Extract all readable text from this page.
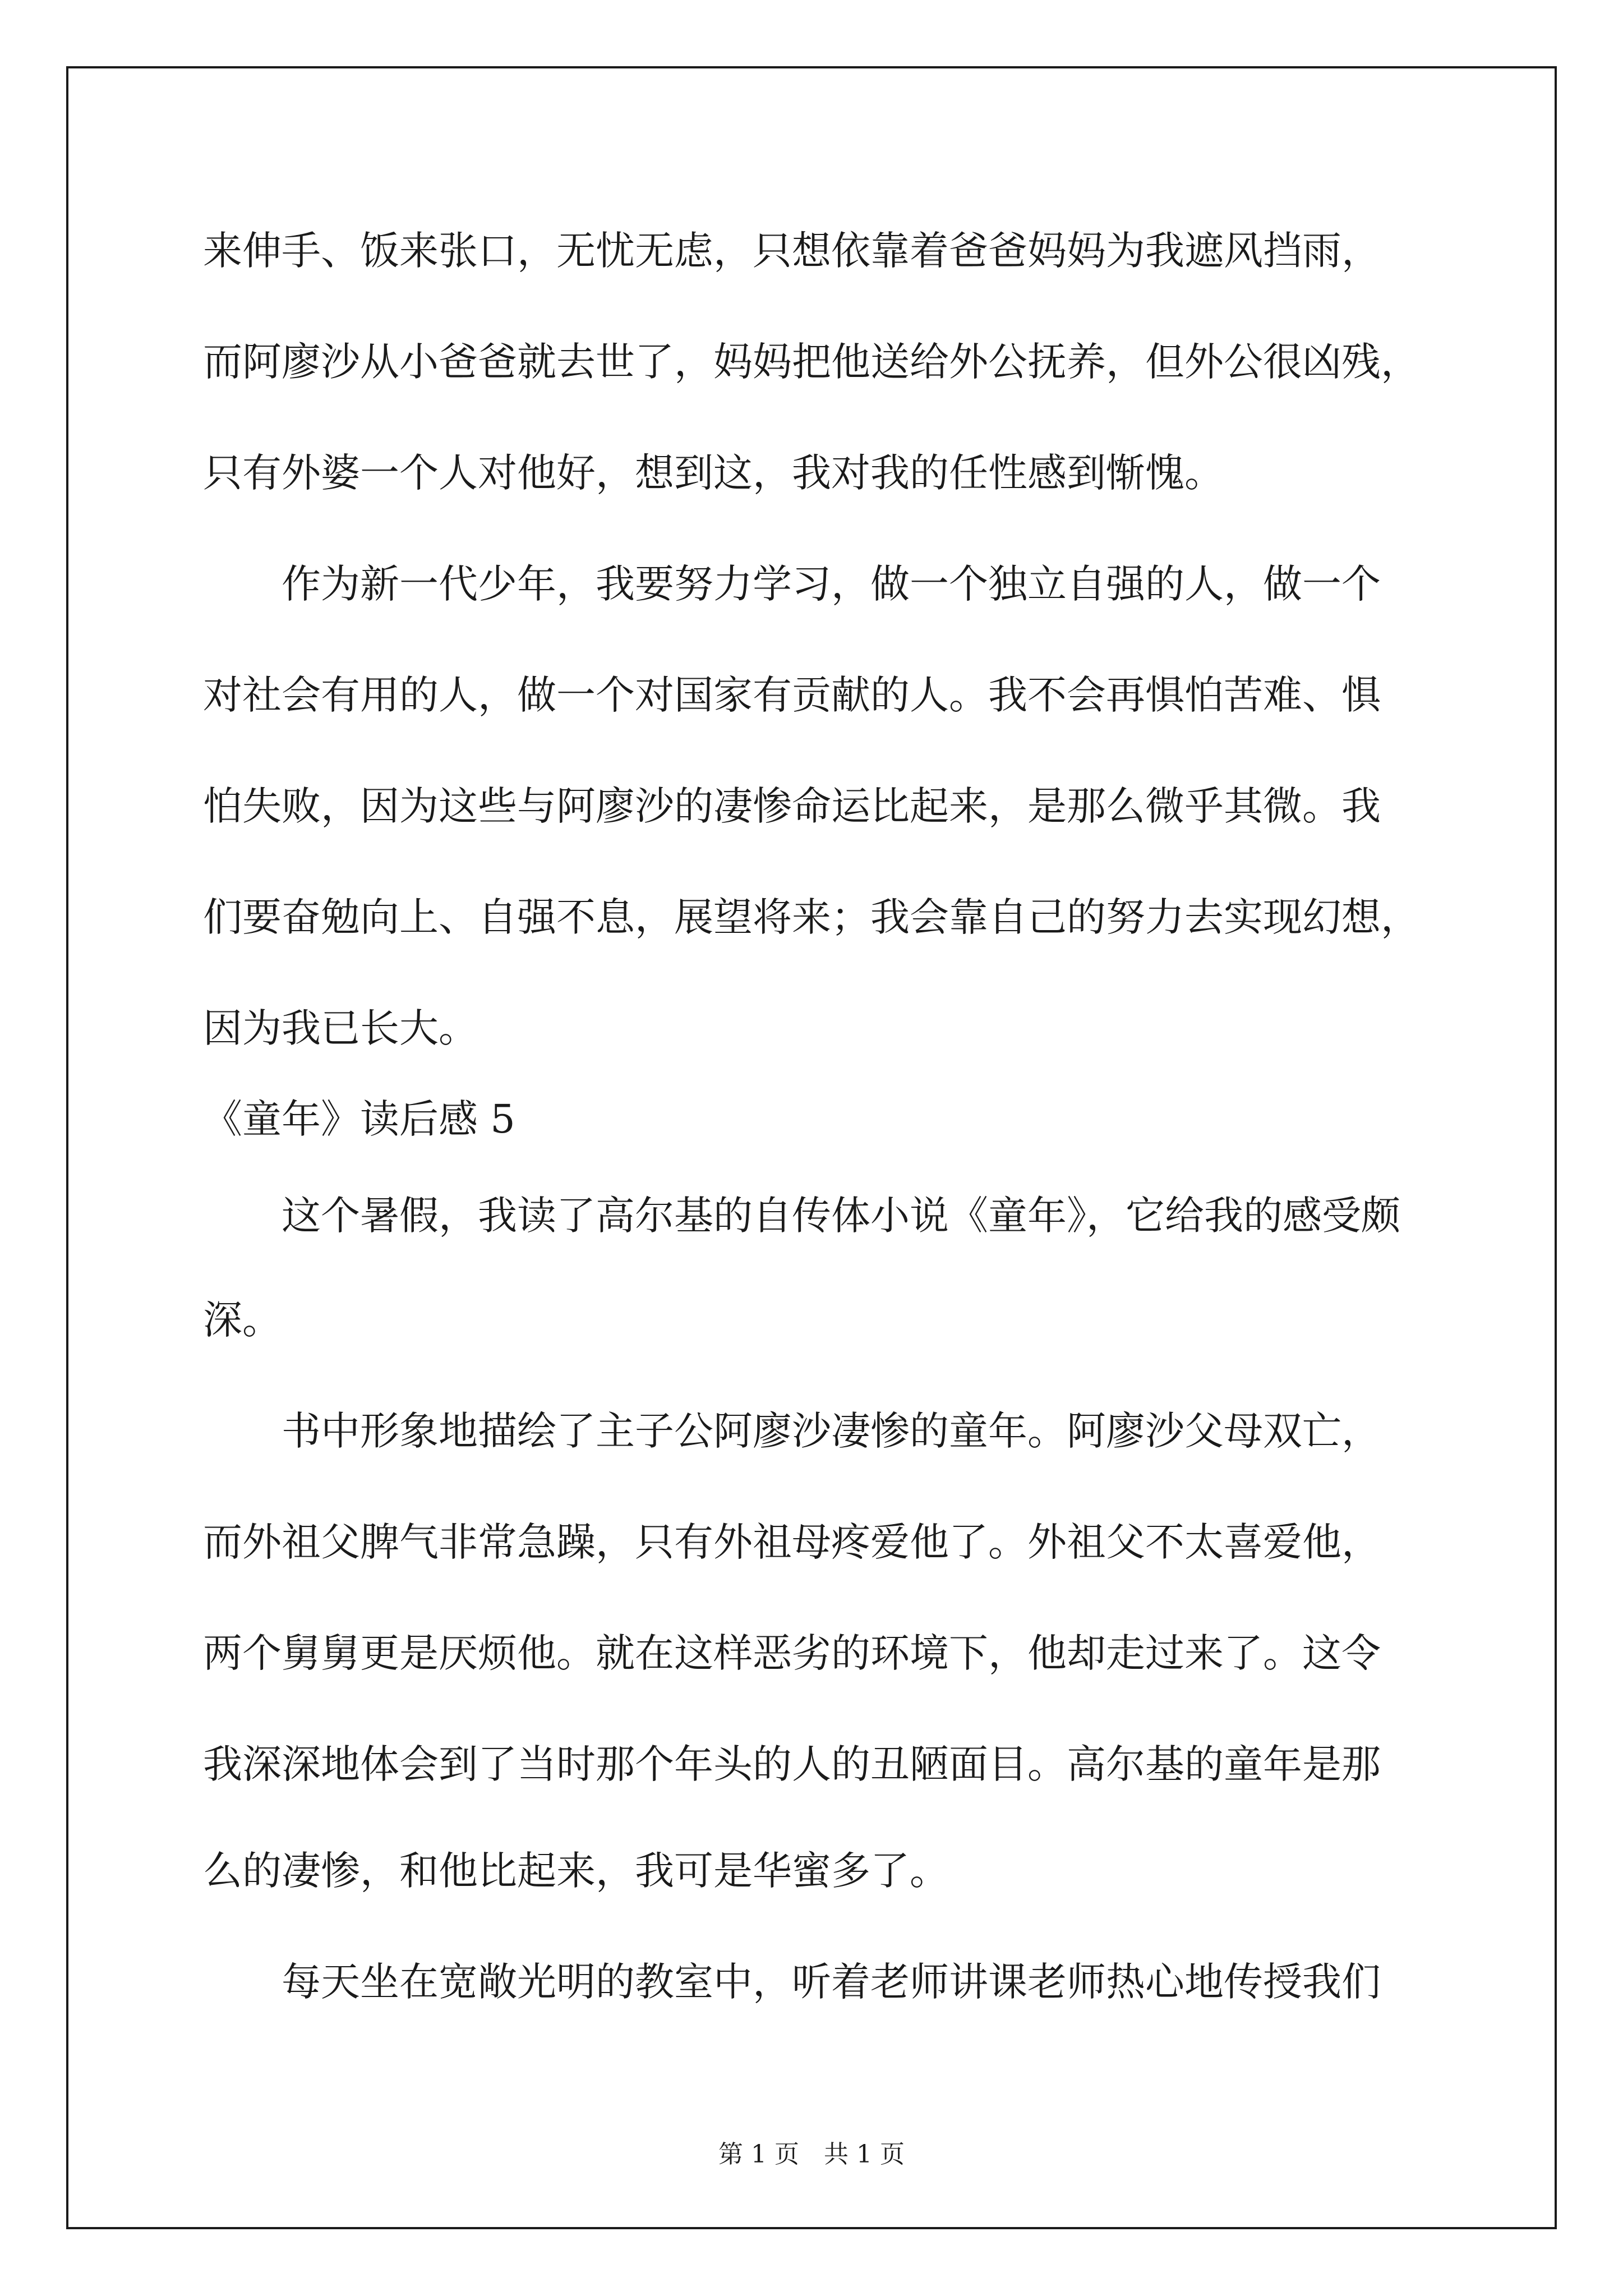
来伸手、饭来张口，无忧无虑，只想依靠着爸爸妈妈为我遮风挡雨，
而阿廖沙从小爸爸就去世了，妈妈把他送给外公抚养，但外公很凶残，
只有外婆一个人对他好，想到这，我对我的任性感到惭愧。
　　作为新一代少年，我要努力学习，做一个独立自强的人，做一个
对社会有用的人，做一个对国家有贡献的人。我不会再惧怕苦难、惧
怕失败，因为这些与阿廖沙的凄惨命运比起来，是那么微乎其微。我
们要奋勉向上、自强不息，展望将来；我会靠自己的努力去实现幻想，
因为我已长大。
《童年》读后感 5
　　这个暑假，我读了高尔基的自传体小说《童年》，它给我的感受颇
深。
　　书中形象地描绘了主子公阿廖沙凄惨的童年。阿廖沙父母双亡，
而外祖父脾气非常急躁，只有外祖母疼爱他了。外祖父不太喜爱他，
两个舅舅更是厌烦他。就在这样恶劣的环境下，他却走过来了。这令
我深深地体会到了当时那个年头的人的丑陋面目。高尔基的童年是那
么的凄惨，和他比起来，我可是华蜜多了。
　　每天坐在宽敞光明的教室中，听着老师讲课老师热心地传授我们
第 1 页　共 1 页
